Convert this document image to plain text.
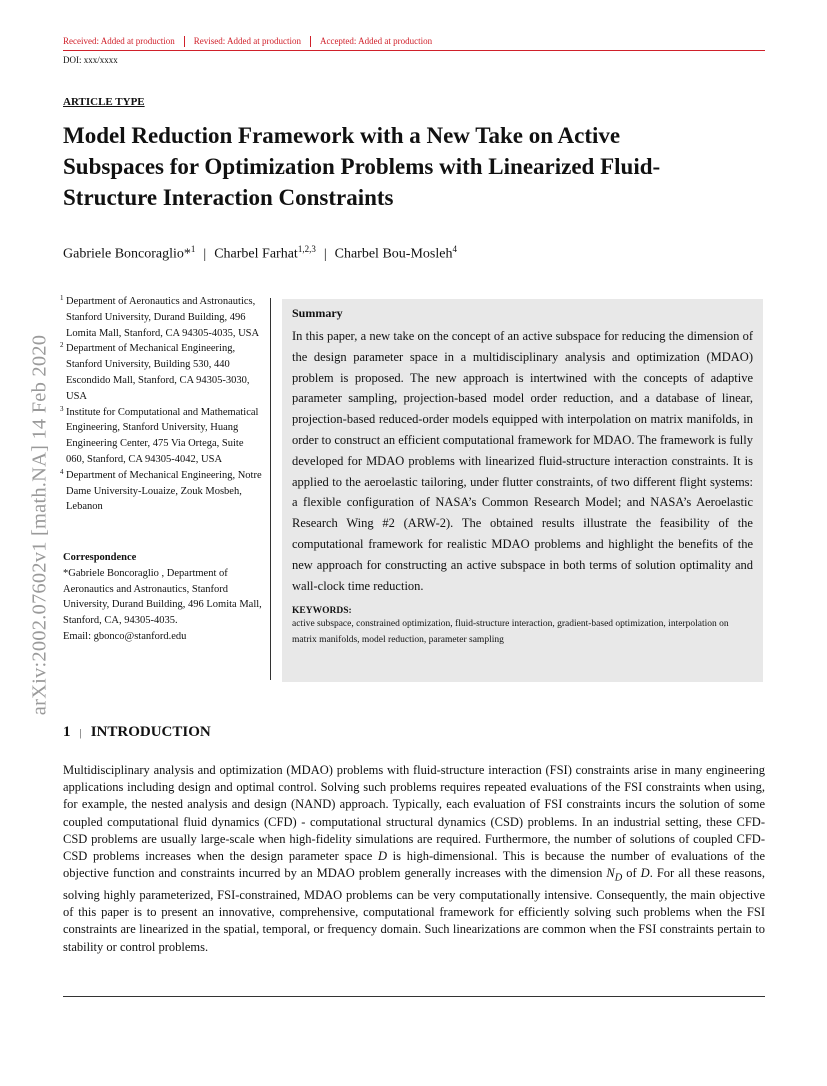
Received: Added at production Revised: Added at production Accepted: Added at production
DOI: xxx/xxxx
ARTICLE TYPE
Model Reduction Framework with a New Take on Active Subspaces for Optimization Problems with Linearized Fluid-Structure Interaction Constraints
Gabriele Boncoraglio*$^1$ | Charbel Farhat$^{1,2,3}$ | Charbel Bou-Mosleh$^4$
1 Department of Aeronautics and Astronautics, Stanford University, Durand Building, 496 Lomita Mall, Stanford, CA 94305-4035, USA
2 Department of Mechanical Engineering, Stanford University, Building 530, 440 Escondido Mall, Stanford, CA 94305-3030, USA
3 Institute for Computational and Mathematical Engineering, Stanford University, Huang Engineering Center, 475 Via Ortega, Suite 060, Stanford, CA 94305-4042, USA
4 Department of Mechanical Engineering, Notre Dame University-Louaize, Zouk Mosbeh, Lebanon
Correspondence
*Gabriele Boncoraglio , Department of Aeronautics and Astronautics, Stanford University, Durand Building, 496 Lomita Mall, Stanford, CA, 94305-4035.
Email: gbonco@stanford.edu
Summary

In this paper, a new take on the concept of an active subspace for reducing the dimension of the design parameter space in a multidisciplinary analysis and optimization (MDAO) problem is proposed. The new approach is intertwined with the concepts of adaptive parameter sampling, projection-based model order reduction, and a database of linear, projection-based reduced-order models equipped with interpolation on matrix manifolds, in order to construct an efficient computational framework for MDAO. The framework is fully developed for MDAO problems with linearized fluid-structure interaction constraints. It is applied to the aeroelastic tailoring, under flutter constraints, of two different flight systems: a flexible configuration of NASA’s Common Research Model; and NASA’s Aeroelastic Research Wing #2 (ARW-2). The obtained results illustrate the feasibility of the computational framework for realistic MDAO problems and highlight the benefits of the new approach for constructing an active subspace in both terms of solution optimality and wall-clock time reduction.

KEYWORDS:
active subspace, constrained optimization, fluid-structure interaction, gradient-based optimization, interpolation on matrix manifolds, model reduction, parameter sampling
1 | INTRODUCTION

Multidisciplinary analysis and optimization (MDAO) problems with fluid-structure interaction (FSI) constraints arise in many engineering applications including design and optimal control. Solving such problems requires repeated evaluations of the FSI constraints when using, for example, the nested analysis and design (NAND) approach. Typically, each evaluation of FSI constraints incurs the solution of some coupled computational fluid dynamics (CFD) - computational structural dynamics (CSD) problems. In an industrial setting, these CFD-CSD problems are usually large-scale when high-fidelity simulations are required. Furthermore, the number of solutions of coupled CFD-CSD problems increases when the design parameter space D is high-dimensional. This is because the number of evaluations of the objective function and constraints incurred by an MDAO problem generally increases with the dimension $N_D$ of D. For all these reasons, solving highly parameterized, FSI-constrained, MDAO problems can be very computationally intensive. Consequently, the main objective of this paper is to present an innovative, comprehensive, computational framework for efficiently solving such problems when the FSI constraints are linearized in the spatial, temporal, or frequency domain. Such linearizations are common when the FSI constraints pertain to stability or control problems.

arXiv:2002.07602v1 [math.NA] 14 Feb 2020
